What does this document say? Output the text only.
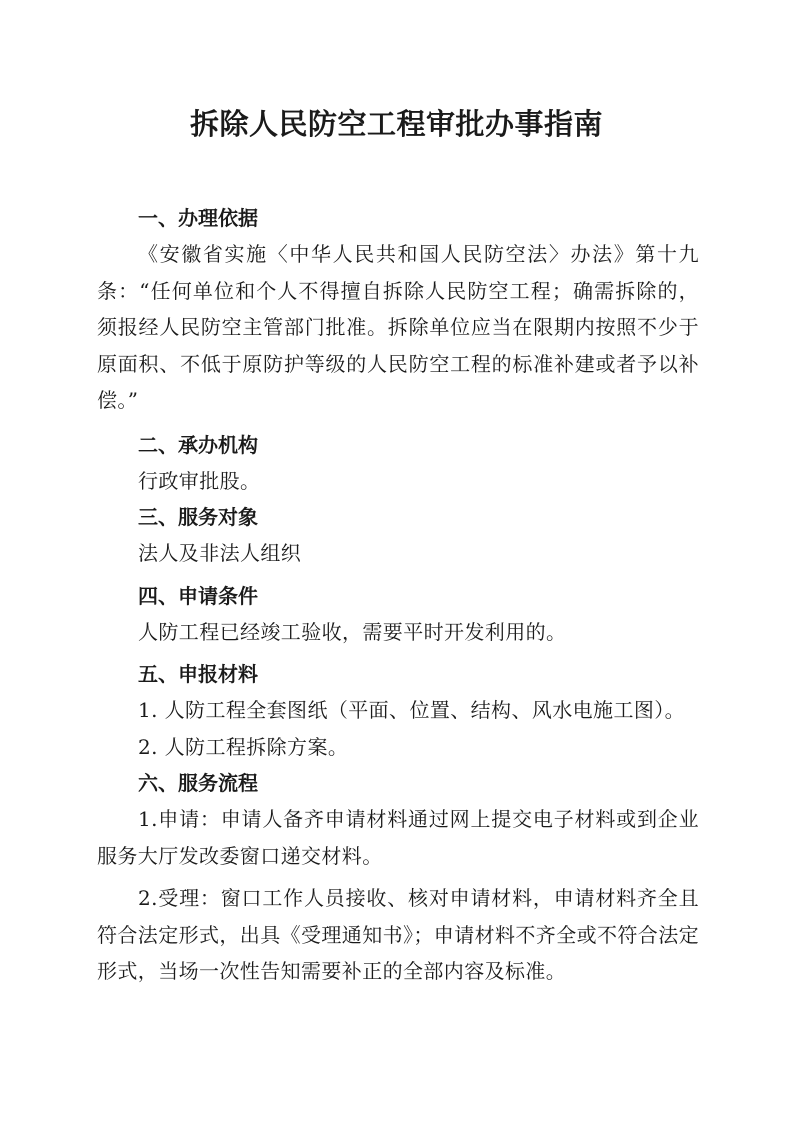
拆除人民防空工程审批办事指南

一、办理依据

《安徽省实施〈中华人民共和国人民防空法〉办法》第十九条：“任何单位和个人不得擅自拆除人民防空工程；确需拆除的，须报经人民防空主管部门批准。拆除单位应当在限期内按照不少于原面积、不低于原防护等级的人民防空工程的标准补建或者予以补偿。”

二、承办机构

行政审批股。

三、服务对象

法人及非法人组织

四、申请条件

人防工程已经竣工验收，需要平时开发利用的。

五、申报材料

1. 人防工程全套图纸（平面、位置、结构、风水电施工图）。

2. 人防工程拆除方案。

六、服务流程

1.申请：申请人备齐申请材料通过网上提交电子材料或到企业服务大厅发改委窗口递交材料。

2.受理：窗口工作人员接收、核对申请材料，申请材料齐全且符合法定形式，出具《受理通知书》；申请材料不齐全或不符合法定形式，当场一次性告知需要补正的全部内容及标准。
